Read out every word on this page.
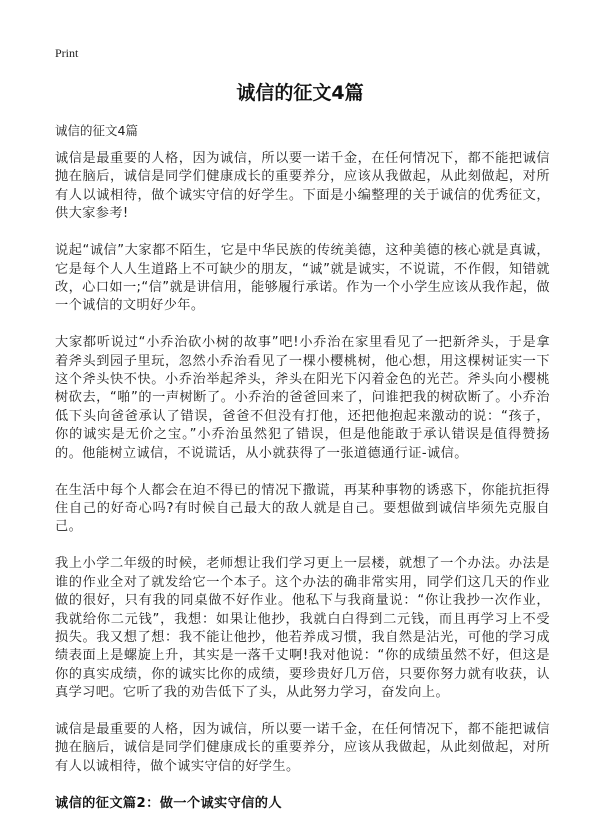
Print
诚信的征文4篇
诚信的征文4篇

诚信是最重要的人格，因为诚信，所以要一诺千金，在任何情况下，都不能把诚信抛在脑后，诚信是同学们健康成长的重要养分，应该从我做起，从此刻做起，对所有人以诚相待，做个诚实守信的好学生。下面是小编整理的关于诚信的优秀征文，供大家参考!

说起“诚信”大家都不陌生，它是中华民族的传统美德，这种美德的核心就是真诚，它是每个人人生道路上不可缺少的朋友，“诚”就是诚实，不说谎，不作假，知错就改，心口如一;“信”就是讲信用，能够履行承诺。作为一个小学生应该从我作起，做一个诚信的文明好少年。

大家都听说过“小乔治砍小树的故事”吧!小乔治在家里看见了一把新斧头，于是拿着斧头到园子里玩，忽然小乔治看见了一棵小樱桃树，他心想，用这棵树证实一下这个斧头快不快。小乔治举起斧头，斧头在阳光下闪着金色的光芒。斧头向小樱桃树砍去，“啪”的一声树断了。小乔治的爸爸回来了，问谁把我的树砍断了。小乔治低下头向爸爸承认了错误，爸爸不但没有打他，还把他抱起来激动的说：“孩子，你的诚实是无价之宝。”小乔治虽然犯了错误，但是他能敢于承认错误是值得赞扬的。他能树立诚信，不说谎话，从小就获得了一张道德通行证-诚信。

在生活中每个人都会在迫不得已的情况下撒谎，再某种事物的诱惑下，你能抗拒得住自己的好奇心吗?有时候自己最大的敌人就是自己。要想做到诚信毕须先克服自己。

我上小学二年级的时候，老师想让我们学习更上一层楼，就想了一个办法。办法是谁的作业全对了就发给它一个本子。这个办法的确非常实用，同学们这几天的作业做的很好，只有我的同桌做不好作业。他私下与我商量说：“你让我抄一次作业，我就给你二元钱”，我想：如果让他抄，我就白白得到二元钱，而且再学习上不受损失。我又想了想：我不能让他抄，他若养成习惯，我自然是沾光，可他的学习成绩表面上是螺旋上升，其实是一落千丈啊!我对他说：“你的成绩虽然不好，但这是你的真实成绩，你的诚实比你的成绩，要珍贵好几万倍，只要你努力就有收获，认真学习吧。它听了我的劝告低下了头，从此努力学习，奋发向上。

诚信是最重要的人格，因为诚信，所以要一诺千金，在任何情况下，都不能把诚信抛在脑后，诚信是同学们健康成长的重要养分，应该从我做起，从此刻做起，对所有人以诚相待，做个诚实守信的好学生。

诚信的征文篇2：做一个诚实守信的人
